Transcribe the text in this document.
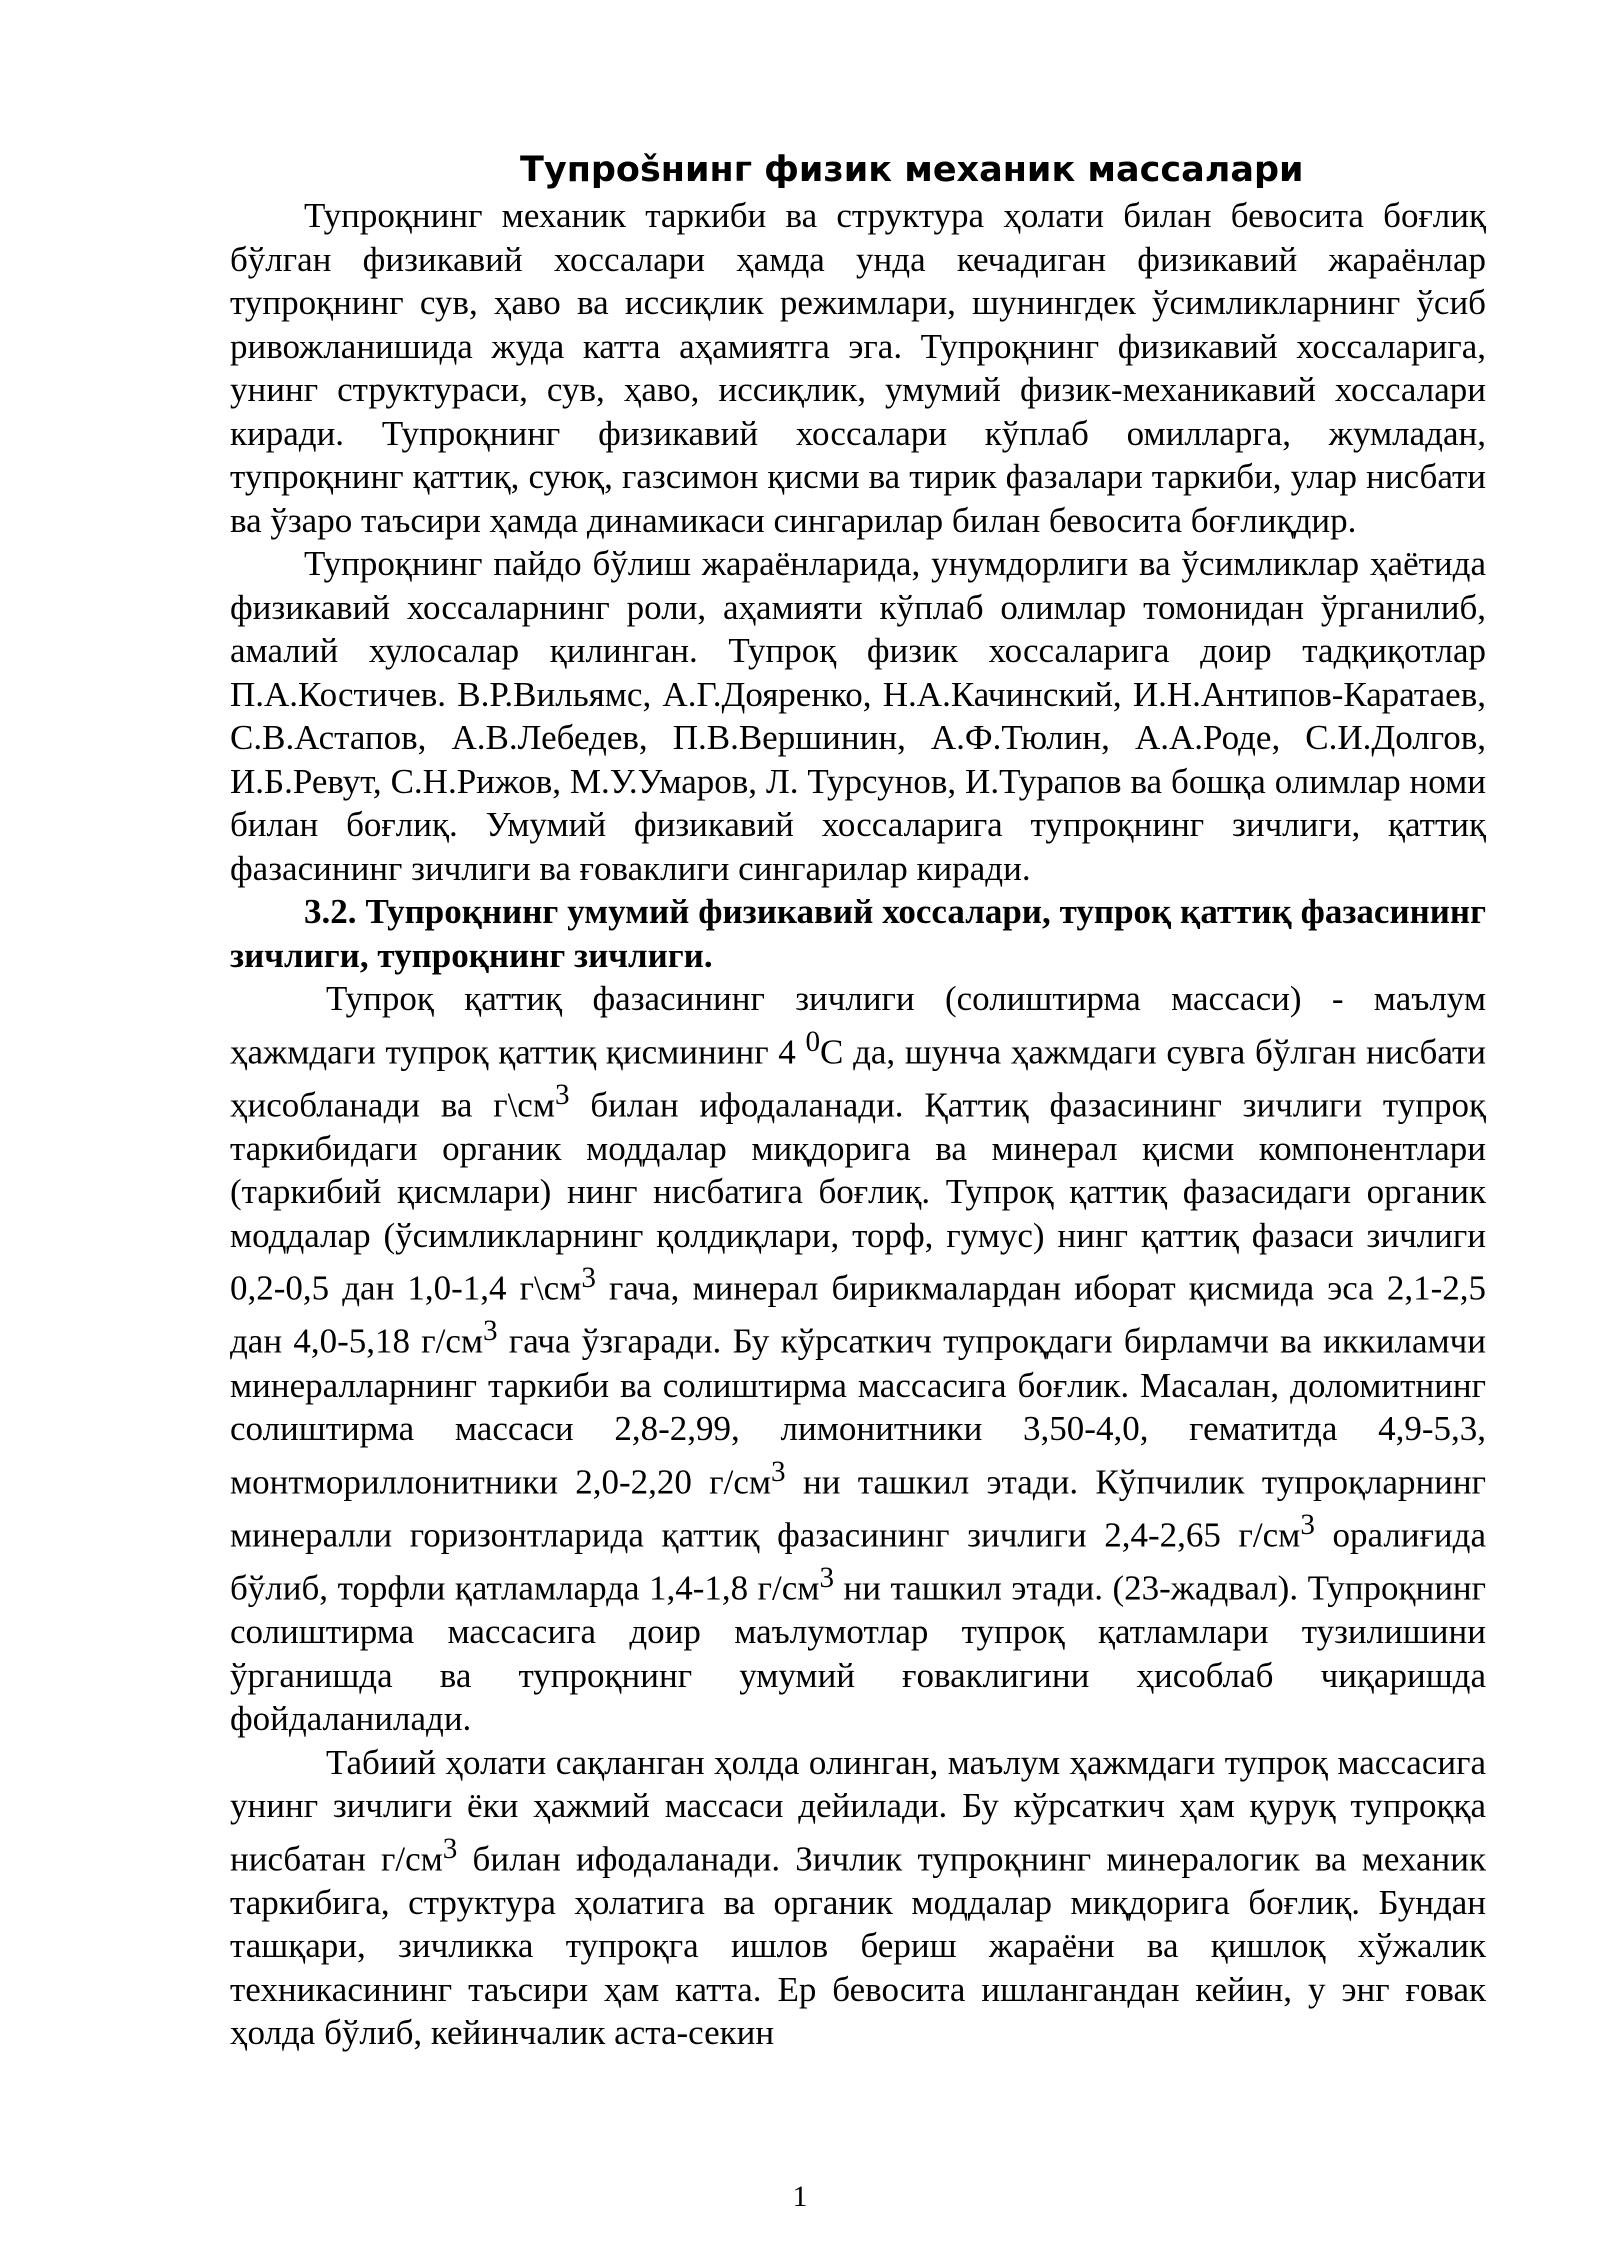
Тупроšнинг физик механик массалари

Тупроқнинг механик таркиби ва структура ҳолати билан бевосита боғлиқ бўлган физикавий хоссалари ҳамда унда кечадиган физикавий жараёнлар тупроқнинг сув, ҳаво ва иссиқлик режимлари, шунингдек ўсимликларнинг ўсиб ривожланишида жуда катта аҳамиятга эга. Тупроқнинг физикавий хоссаларига, унинг структураси, сув, ҳаво, иссиқлик, умумий физик-механикавий хоссалари киради. Тупроқнинг физикавий хоссалари кўплаб омилларга, жумладан, тупроқнинг қаттиқ, суюқ, газсимон қисми ва тирик фазалари таркиби, улар нисбати ва ўзаро таъсири ҳамда динамикаси сингарилар билан бевосита боғлиқдир.

Тупроқнинг пайдо бўлиш жараёнларида, унумдорлиги ва ўсимликлар ҳаётида физикавий хоссаларнинг роли, аҳамияти кўплаб олимлар томонидан ўрганилиб, амалий хулосалар қилинган. Тупроқ физик хоссаларига доир тадқиқотлар П.А.Костичев. В.Р.Вильямс, А.Г.Дояренко, Н.А.Качинский, И.Н.Антипов-Каратаев, С.В.Астапов, А.В.Лебедев, П.В.Вершинин, А.Ф.Тюлин, А.А.Роде, С.И.Долгов, И.Б.Ревут, С.Н.Рижов, М.У.Умаров, Л. Турсунов, И.Турапов ва бошқа олимлар номи билан боғлиқ. Умумий физикавий хоссаларига тупроқнинг зичлиги, қаттиқ фазасининг зичлиги ва ғоваклиги сингарилар киради.

3.2. Тупроқнинг умумий физикавий хоссалари, тупроқ қаттиқ фазасининг зичлиги, тупроқнинг зичлиги.

Тупроқ қаттиқ фазасининг зичлиги (солиштирма массаси) - маълум ҳажмдаги тупроқ қаттиқ қисмининг 4 $^0$С да, шунча ҳажмдаги сувга бўлган нисбати ҳисобланади ва $г\backslash см^3$ билан ифодаланади. Қаттиқ фазасининг зичлиги тупроқ таркибидаги органик моддалар миқдорига ва минерал қисми компонентлари (таркибий қисмлари) нинг нисбатига боғлиқ. Тупроқ қаттиқ фазасидаги органик моддалар (ўсимликларнинг қолдиқлари, торф, гумус) нинг қаттиқ фазаси зичлиги 0,2-0,5 дан 1,0-1,4 $г\backslash см^3$ гача, минерал бирикмалардан иборат қисмида эса 2,1-2,5 дан 4,0-5,18 $г/см^3$ гача ўзгаради. Бу кўрсаткич тупроқдаги бирламчи ва иккиламчи минералларнинг таркиби ва солиштирма массасига боғлик. Масалан, доломитнинг солиштирма массаси 2,8-2,99, лимонитники 3,50-4,0, гематитда 4,9-5,3, монтмориллонитники 2,0-2,20 $г/см^3$ ни ташкил этади. Кўпчилик тупроқларнинг минералли горизонтларида қаттиқ фазасининг зичлиги 2,4-2,65 $г/см^3$ оралиғида бўлиб, торфли қатламларда 1,4-1,8 $г/см^3$ ни ташкил этади. (23-жадвал). Тупроқнинг солиштирма массасига доир маълумотлар тупроқ қатламлари тузилишини ўрганишда ва тупроқнинг умумий ғоваклигини ҳисоблаб чиқаришда фойдаланилади.

Табиий ҳолати сақланган ҳолда олинган, маълум ҳажмдаги тупроқ массасига унинг зичлиги ёки ҳажмий массаси дейилади. Бу кўрсаткич ҳам қуруқ тупроққа нисбатан $г/см^3$ билан ифодаланади. Зичлик тупроқнинг минералогик ва механик таркибига, структура ҳолатига ва органик моддалар миқдорига боғлиқ. Бундан ташқари, зичликка тупроқга ишлов бериш жараёни ва қишлоқ хўжалик техникасининг таъсири ҳам катта. Ер бевосита ишлангандан кейин, у энг ғовак ҳолда бўлиб, кейинчалик аста-секин

1
